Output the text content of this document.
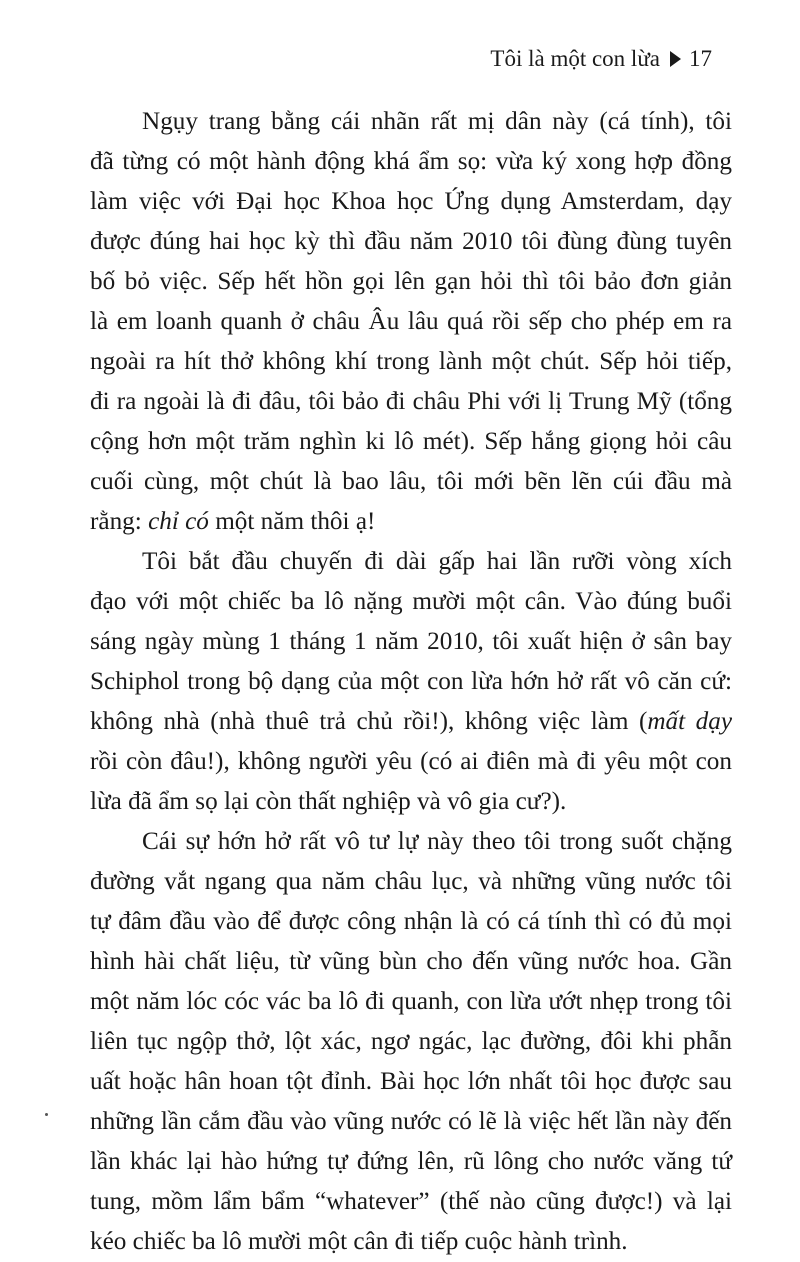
Tôi là một con lừa 17

Ngụy trang bằng cái nhãn rất mị dân này (cá tính), tôi
đã từng có một hành động khá ẩm sọ: vừa ký xong hợp đồng
làm việc với Đại học Khoa học Ứng dụng Amsterdam, dạy
được đúng hai học kỳ thì đầu năm 2010 tôi đùng đùng tuyên
bố bỏ việc. Sếp hết hồn gọi lên gạn hỏi thì tôi bảo đơn giản
là em loanh quanh ở châu Âu lâu quá rồi sếp cho phép em ra
ngoài ra hít thở không khí trong lành một chút. Sếp hỏi tiếp,
đi ra ngoài là đi đâu, tôi bảo đi châu Phi với lị Trung Mỹ (tổng
cộng hơn một trăm nghìn ki lô mét). Sếp hắng giọng hỏi câu
cuối cùng, một chút là bao lâu, tôi mới bẽn lẽn cúi đầu mà
rằng: chỉ có một năm thôi ạ!

Tôi bắt đầu chuyến đi dài gấp hai lần rưỡi vòng xích
đạo với một chiếc ba lô nặng mười một cân. Vào đúng buổi
sáng ngày mùng 1 tháng 1 năm 2010, tôi xuất hiện ở sân bay
Schiphol trong bộ dạng của một con lừa hớn hở rất vô căn cứ:
không nhà (nhà thuê trả chủ rồi!), không việc làm (mất dạy
rồi còn đâu!), không người yêu (có ai điên mà đi yêu một con
lừa đã ẩm sọ lại còn thất nghiệp và vô gia cư?).

Cái sự hớn hở rất vô tư lự này theo tôi trong suốt chặng
đường vắt ngang qua năm châu lục, và những vũng nước tôi
tự đâm đầu vào để được công nhận là có cá tính thì có đủ mọi
hình hài chất liệu, từ vũng bùn cho đến vũng nước hoa. Gần
một năm lóc cóc vác ba lô đi quanh, con lừa ướt nhẹp trong tôi
liên tục ngộp thở, lột xác, ngơ ngác, lạc đường, đôi khi phẫn
uất hoặc hân hoan tột đỉnh. Bài học lớn nhất tôi học được sau
những lần cắm đầu vào vũng nước có lẽ là việc hết lần này đến
lần khác lại hào hứng tự đứng lên, rũ lông cho nước văng tứ
tung, mồm lẩm bẩm “whatever” (thế nào cũng được!) và lại
kéo chiếc ba lô mười một cân đi tiếp cuộc hành trình.
